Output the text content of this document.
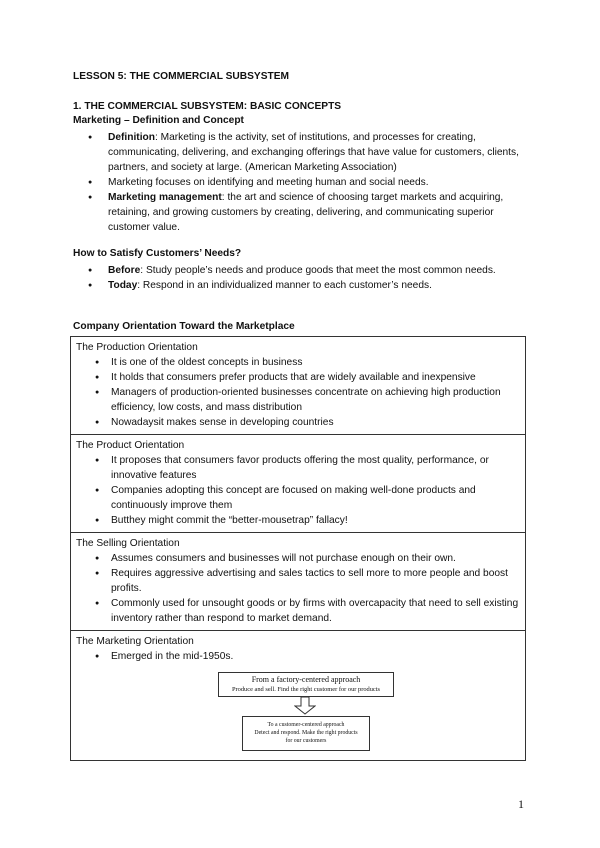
LESSON 5: THE COMMERCIAL SUBSYSTEM
1. THE COMMERCIAL SUBSYSTEM: BASIC CONCEPTS
Marketing – Definition and Concept
● Definition: Marketing is the activity, set of institutions, and processes for creating, communicating, delivering, and exchanging offerings that have value for customers, clients, partners, and society at large. (American Marketing Association)
● Marketing focuses on identifying and meeting human and social needs.
● Marketing management: the art and science of choosing target markets and acquiring, retaining, and growing customers by creating, delivering, and communicating superior customer value.
How to Satisfy Customers’ Needs?
● Before: Study people’s needs and produce goods that meet the most common needs.
● Today: Respond in an individualized manner to each customer’s needs.
Company Orientation Toward the Marketplace
The Production Orientation
● It is one of the oldest concepts in business
● It holds that consumers prefer products that are widely available and inexpensive
● Managers of production-oriented businesses concentrate on achieving high production efficiency, low costs, and mass distribution
● Nowadaysit makes sense in developing countries

The Product Orientation
● It proposes that consumers favor products offering the most quality, performance, or innovative features
● Companies adopting this concept are focused on making well-done products and continuously improve them
● Butthey might commit the “better-mousetrap” fallacy!

The Selling Orientation
● Assumes consumers and businesses will not purchase enough on their own.
● Requires aggressive advertising and sales tactics to sell more to more people and boost profits.
● Commonly used for unsought goods or by firms with overcapacity that need to sell existing inventory rather than respond to market demand.

The Marketing Orientation
● Emerged in the mid-1950s.
From a factory-centered approach
Produce and sell. Find the right customer for our products
To a customer-centered approach
Detect and respond. Make the right products
for our customers
1
